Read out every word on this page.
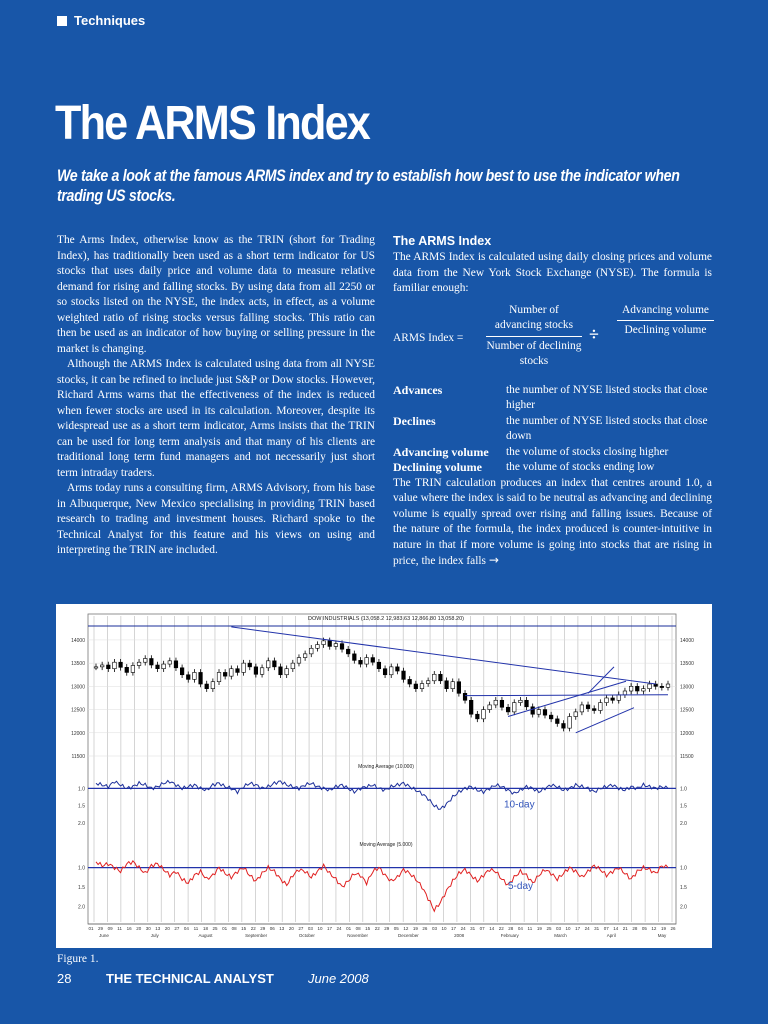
Techniques
The ARMS Index
We take a look at the famous ARMS index and try to establish how best to use the indicator when trading US stocks.

The Arms Index, otherwise know as the TRIN (short for Trading Index), has traditionally been used as a short term indicator for US stocks that uses daily price and volume data to measure relative demand for rising and falling stocks. By using data from all 2250 or so stocks listed on the NYSE, the index acts, in effect, as a volume weighted ratio of rising stocks versus falling stocks. This ratio can then be used as an indicator of how buying or selling pressure in the market is changing.

Although the ARMS Index is calculated using data from all NYSE stocks, it can be refined to include just S&P or Dow stocks. However, Richard Arms warns that the effectiveness of the index is reduced when fewer stocks are used in its calculation. Moreover, despite its widespread use as a short term indicator, Arms insists that the TRIN can be used for long term analysis and that many of his clients are traditional long term fund managers and not necessarily just short term intraday traders.

Arms today runs a consulting firm, ARMS Advisory, from his base in Albuquerque, New Mexico specialising in providing TRIN based research to trading and investment houses. Richard spoke to the Technical Analyst for this feature and his views on using and interpreting the TRIN are included.

The ARMS Index

The ARMS Index is calculated using daily closing prices and volume data from the New York Stock Exchange (NYSE). The formula is familiar enough:

ARMS Index =
Number of advancing stocks
Number of declining stocks
÷
Advancing volume
Declining volume
Advances	the number of NYSE listed stocks that close higher
Declines	the number of NYSE listed stocks that close down
Advancing volume	the volume of stocks closing higher
Declining volume	the volume of stocks ending low

The TRIN calculation produces an index that centres around 1.0, a value where the index is said to be neutral as advancing and declining volume is equally spread over rising and falling issues. Because of the nature of the formula, the index produced is counter-intuitive in nature in that if more volume is going into stocks that are rising in price, the index falls →

14000	14000
13500	13500
13000	13000
12500	12500
12000	12000
11500	11500
DOW INDUSTRIALS (13,058.2 12,983.63 12,866.80 13,058.20)
Moving Average (10.000)
1.0	1.0
1.5	1.5
2.0	2.0
10-day
Moving Average (5.000)
1.0	1.0
1.5	1.5
2.0	2.0
5-day
01 29 09 11 16 20 30 13 20 27 04 11 18 25 01 08 15 22 29 06 13 20 27 03 10 17 24 01 08 15 22 29 05 12 19 26 03 10 17 24 31 07 14 22 28 04 11 19 25 03 10 17 24 31 07 14 21 28 05 12 19 26
June	July	August	September	October	November	December	2008	February	March	April	May
Figure 1.
28	THE TECHNICAL ANALYST	June 2008
